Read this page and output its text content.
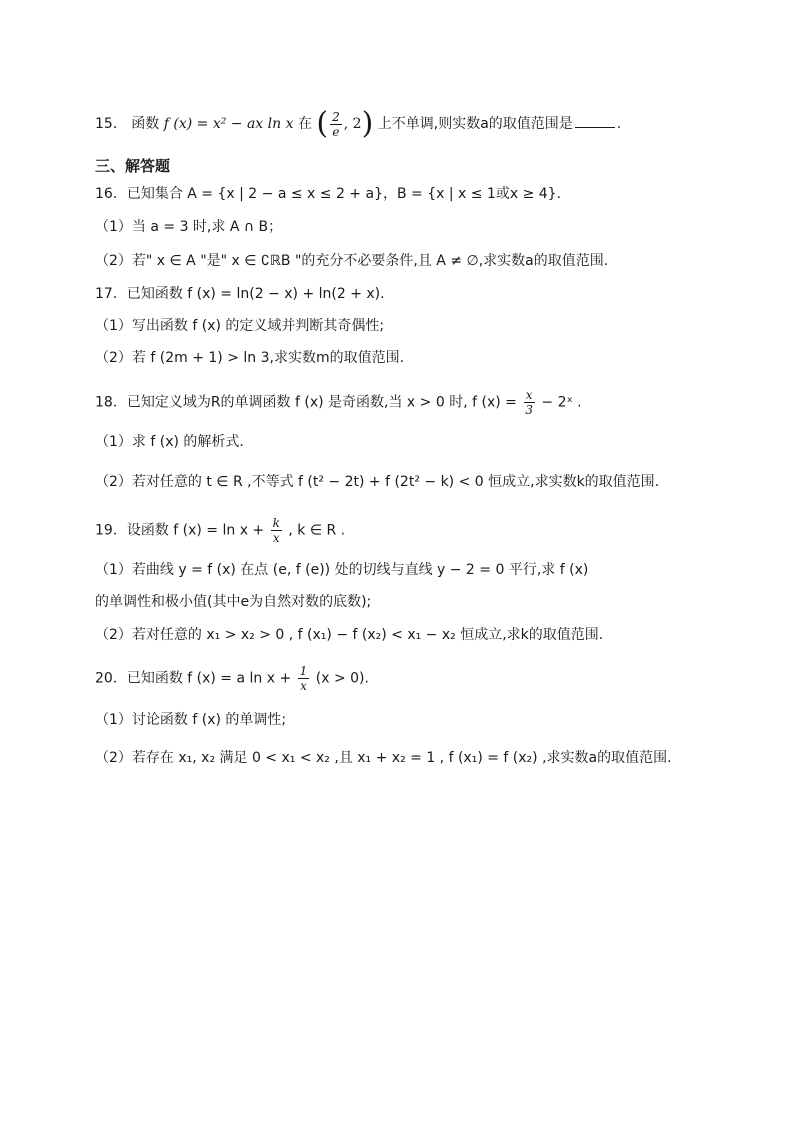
15． 函数 f (x) = x² − ax ln x 在 ( $\frac{2}{e}$ , 2) 上不单调,则实数a的取值范围是	.
三、解答题
16．已知集合 A = {x | 2 − a ≤ x ≤ 2 + a}，B = {x | x ≤ 1或x ≥ 4}.
（1）当 a = 3 时,求 A ∩ B；
（2）若" x ∈ A "是" x ∈ ∁ℝB "的充分不必要条件,且 A ≠ ∅,求实数a的取值范围.
17．已知函数 f (x) = ln(2 − x) + ln(2 + x).
（1）写出函数 f (x) 的定义域并判断其奇偶性;
（2）若 f (2m + 1) > ln 3,求实数m的取值范围.
18．已知定义域为R的单调函数 f (x) 是奇函数,当 x > 0 时, f $(x) = \frac{x}{3}$ − 2ˣ .
（1）求 f (x) 的解析式.
（2）若对任意的 t ∈ R ,不等式 f (t² − 2t) + f (2t² − k) < 0 恒成立,求实数k的取值范围.
19．设函数 f $(x) = \ln x + \frac{k}{x}$ , k ∈ R .
（1）若曲线 y = f (x) 在点 (e, f (e)) 处的切线与直线 y − 2 = 0 平行,求 f (x)
的单调性和极小值(其中e为自然对数的底数);
（2）若对任意的 x₁ > x₂ > 0 , f (x₁) − f (x₂) < x₁ − x₂ 恒成立,求k的取值范围.
20．已知函数 f (x) = a $\ln x + \frac{1}{x} (x > 0)$.
（1）讨论函数 f (x) 的单调性;
（2）若存在 x₁, x₂ 满足 0 < x₁ < x₂ ,且 x₁ + x₂ = 1 , f (x₁) = f (x₂) ,求实数a的取值范围.
